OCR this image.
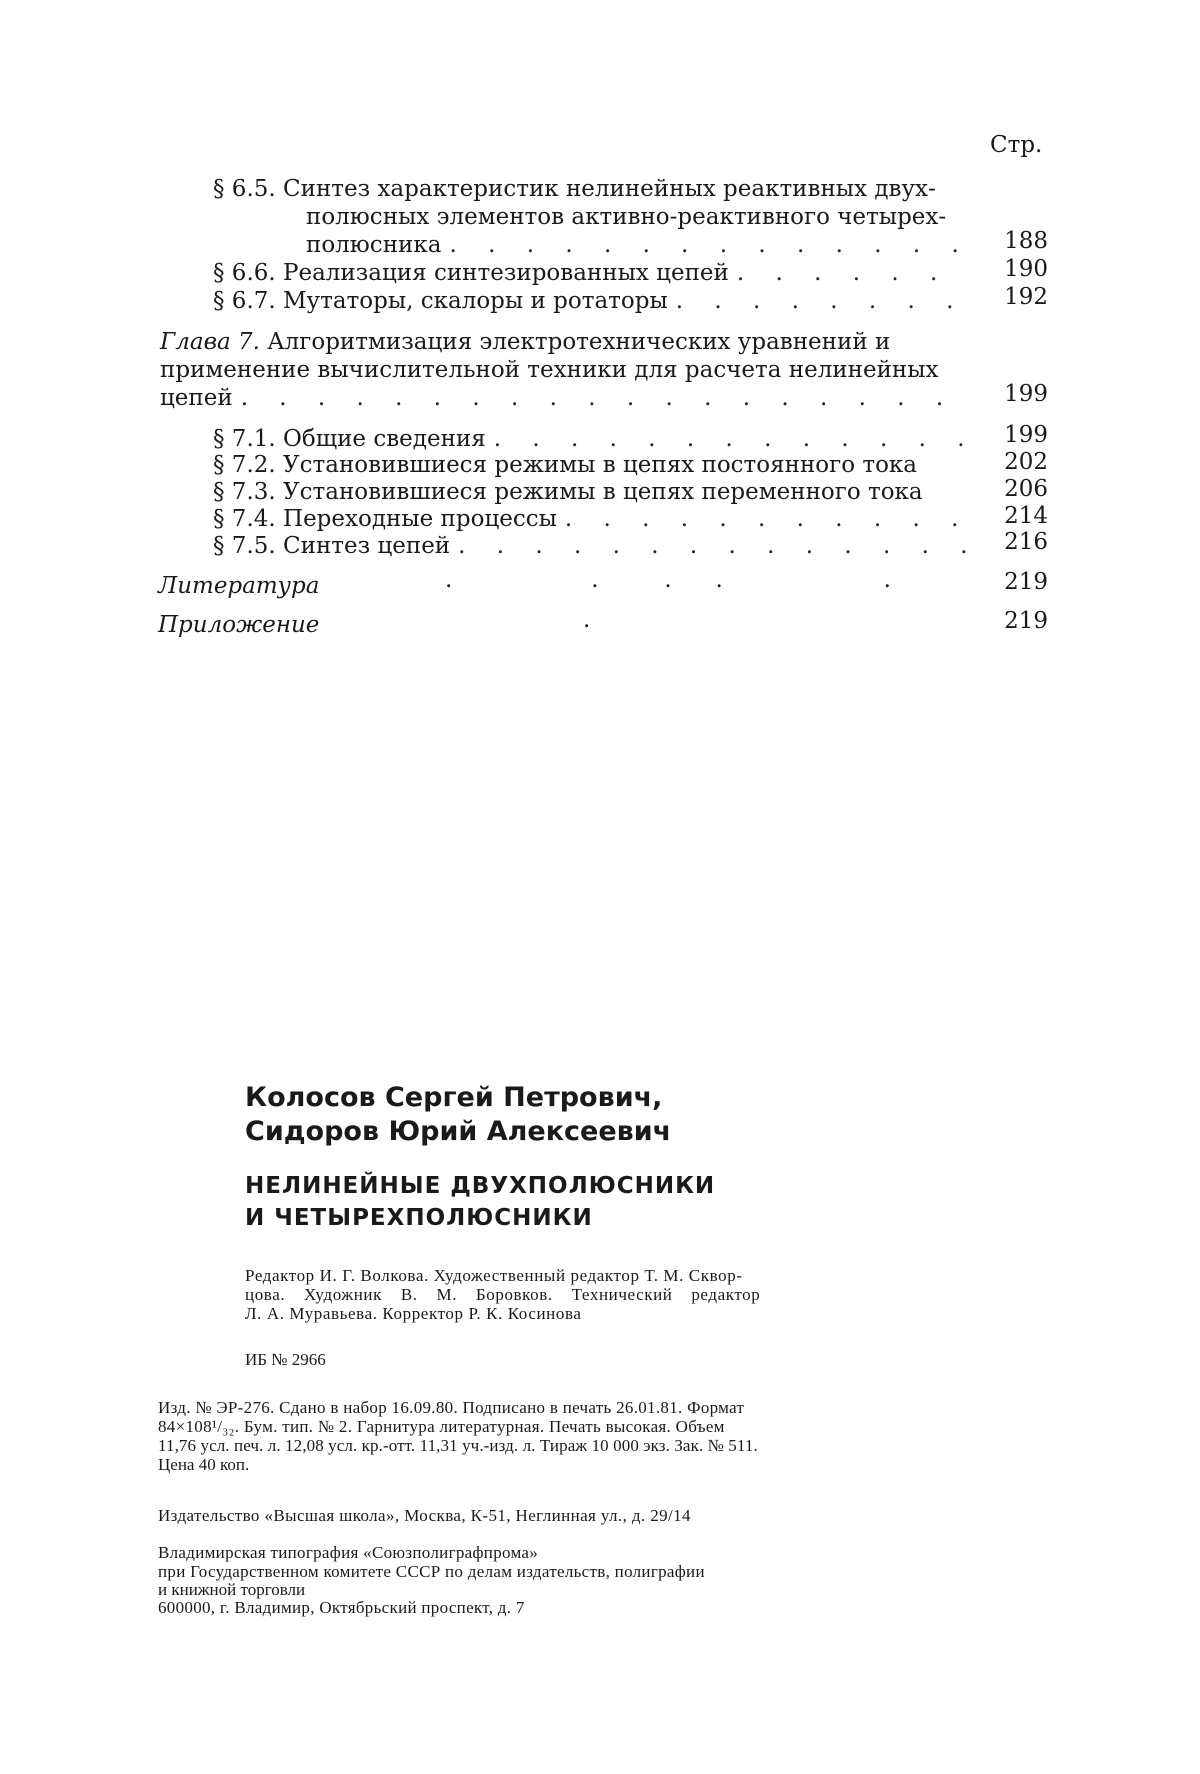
Стр.
§ 6.5. Синтез характеристик нелинейных реактивных двух-
полюсных элементов активно-реактивного четырех-
полюсника . . .	188
§ 6.6. Реализация синтезированных цепей . . .	190
§ 6.7. Мутаторы, скалоры и ротаторы . . .	192
Глава 7. Алгоритмизация электротехнических уравнений и
применение вычислительной техники для расчета нелинейных
цепей . . .	199
§ 7.1. Общие сведения . . .	199
§ 7.2. Установившиеся режимы в цепях постоянного тока	202
§ 7.3. Установившиеся режимы в цепях переменного тока	206
§ 7.4. Переходные процессы . . .	214
§ 7.5. Синтез цепей . . .	216
Литература	.                   .         .      .                      .	219
Приложение	.	219
Колосов Сергей Петрович,
Сидоров Юрий Алексеевич
НЕЛИНЕЙНЫЕ ДВУХПОЛЮСНИКИ
И ЧЕТЫРЕХПОЛЮСНИКИ
Редактор И. Г. Волкова. Художественный редактор Т. М. Сквор-
цова. Художник В. М. Боровков. Технический редактор
Л. А. Муравьева. Корректор Р. К. Косинова
ИБ № 2966
Изд. № ЭР-276. Сдано в набор 16.09.80. Подписано в печать 26.01.81. Формат
84×108¹/₃₂. Бум. тип. № 2. Гарнитура литературная. Печать высокая. Объем
11,76 усл. печ. л. 12,08 усл. кр.-отт. 11,31 уч.-изд. л. Тираж 10 000 экз. Зак. № 511.
Цена 40 коп.
Издательство «Высшая школа», Москва, К-51, Неглинная ул., д. 29/14
Владимирская типография «Союзполиграфпрома»
при Государственном комитете СССР по делам издательств, полиграфии
и книжной торговли
600000, г. Владимир, Октябрьский проспект, д. 7
